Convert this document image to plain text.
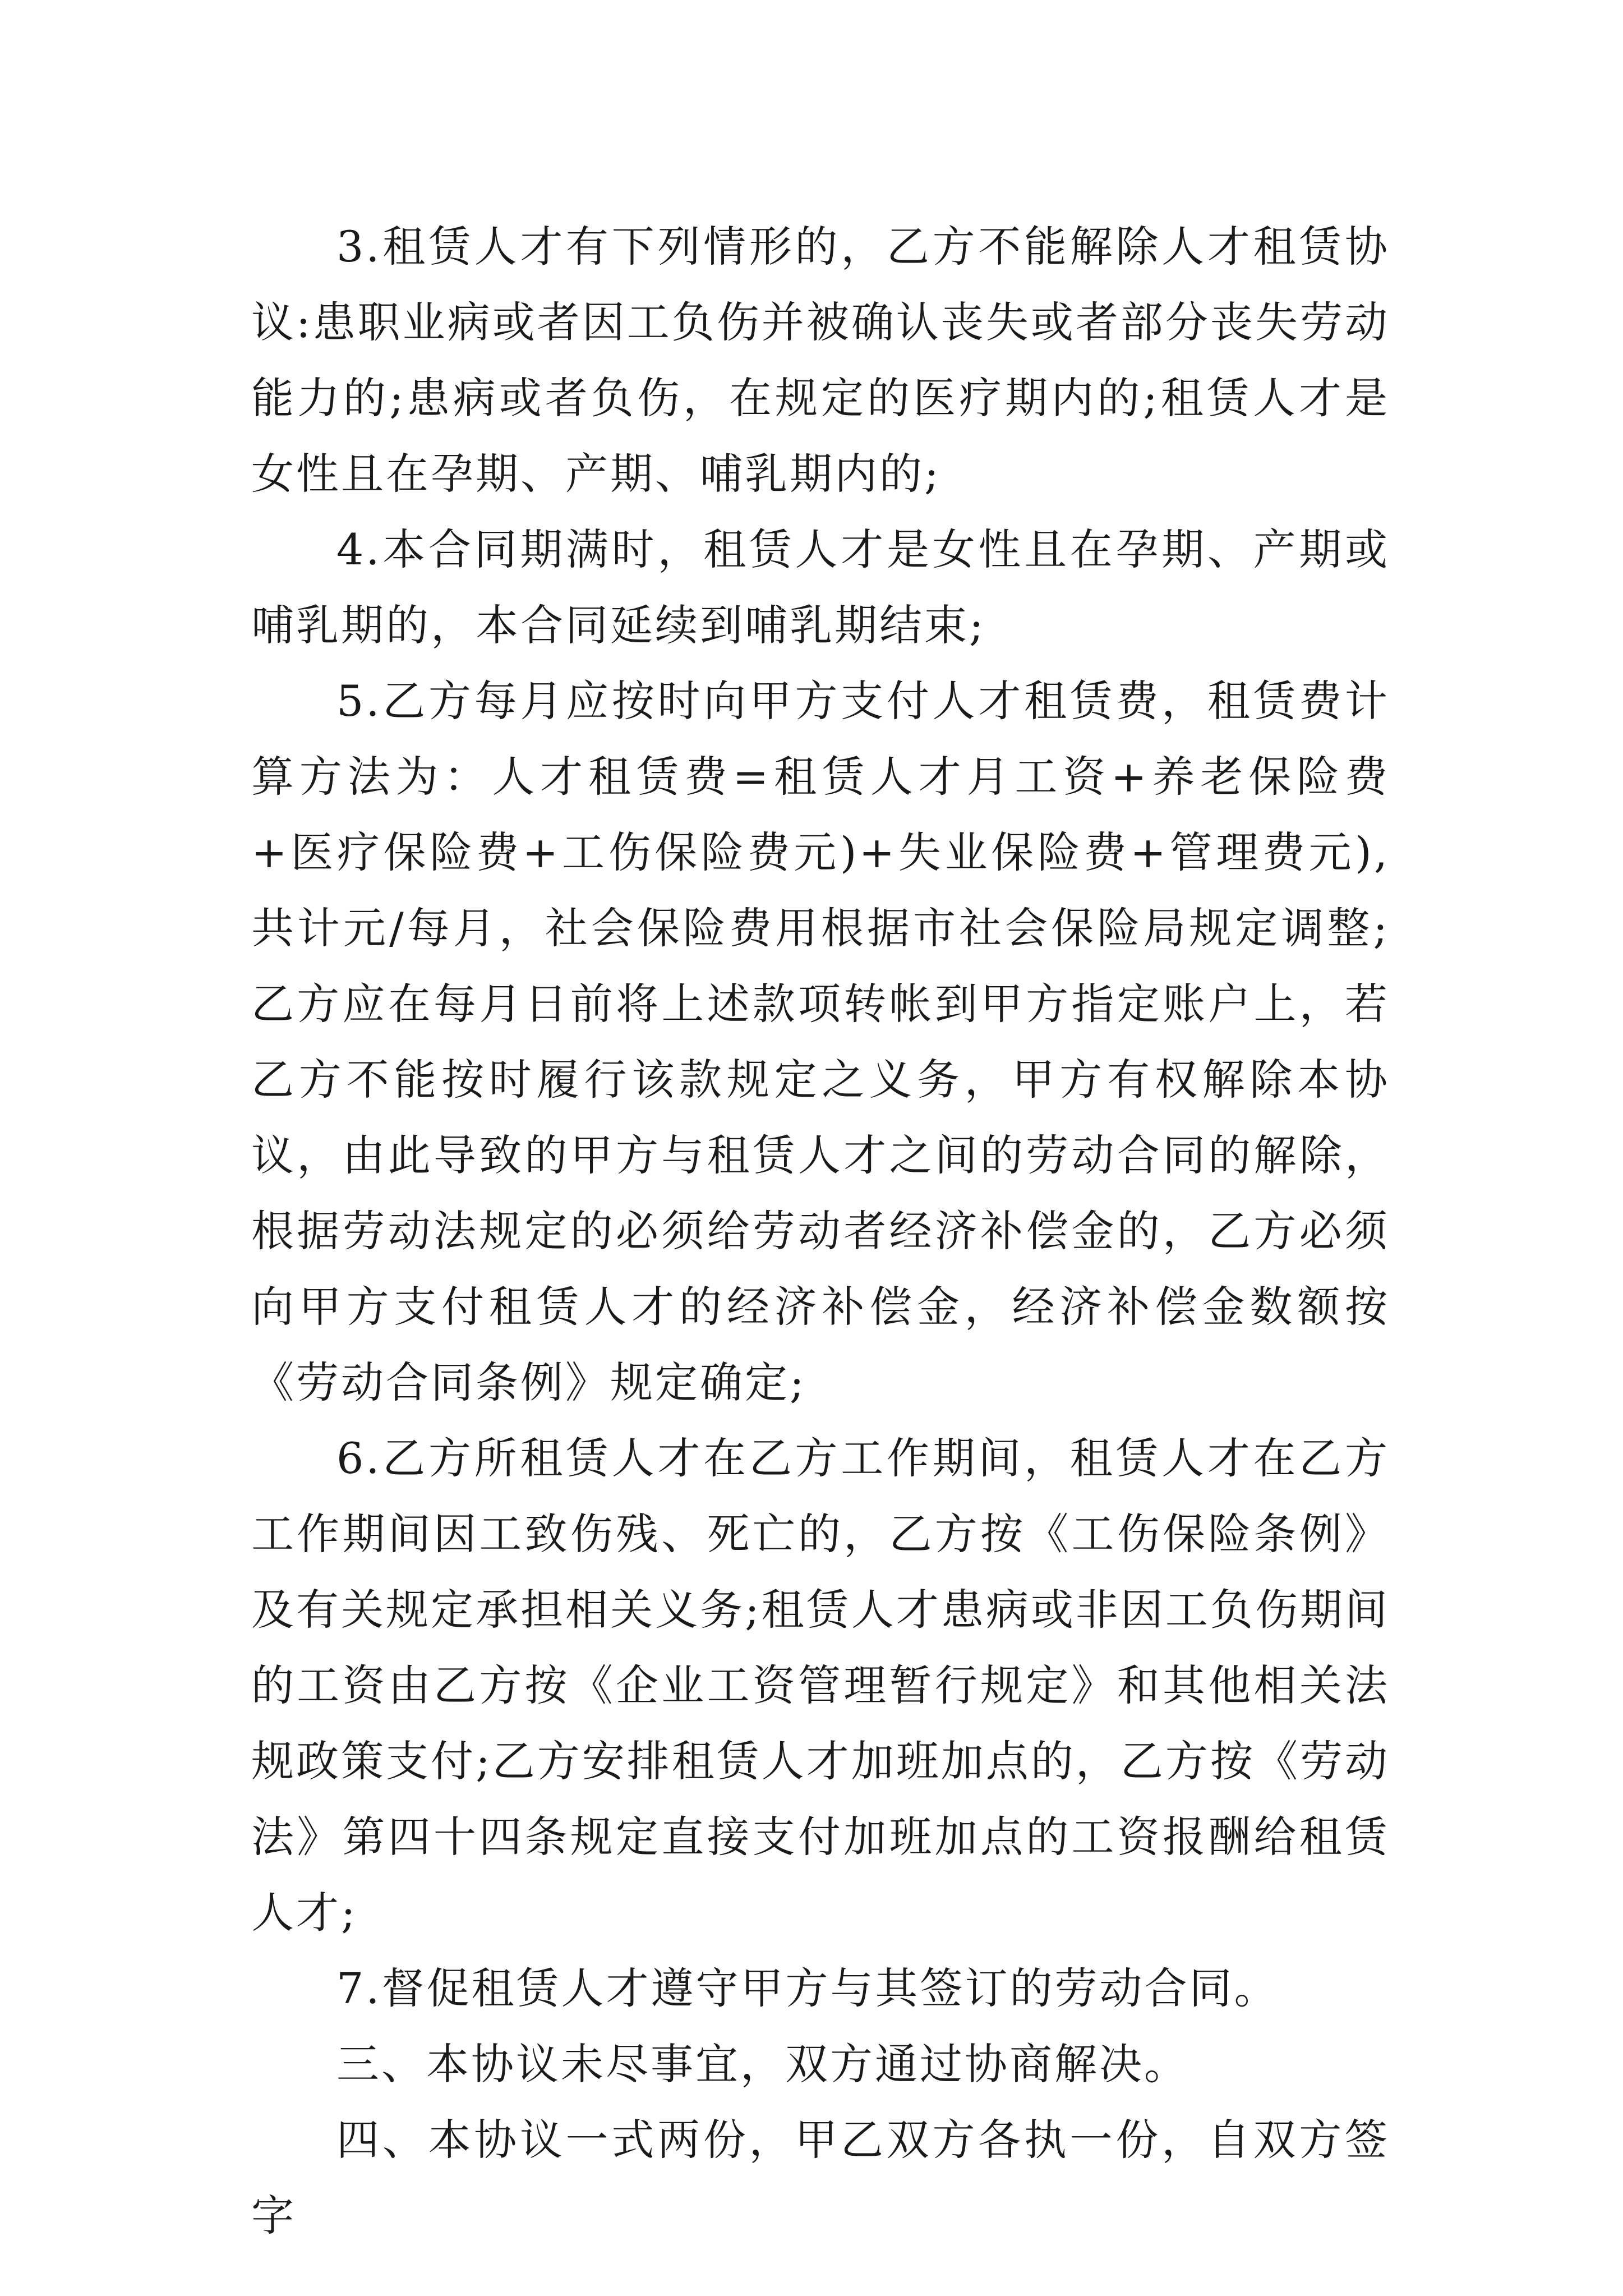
3.租赁人才有下列情形的，乙方不能解除人才租赁协议:患职业病或者因工负伤并被确认丧失或者部分丧失劳动能力的;患病或者负伤，在规定的医疗期内的;租赁人才是女性且在孕期、产期、哺乳期内的;

4.本合同期满时，租赁人才是女性且在孕期、产期或哺乳期的，本合同延续到哺乳期结束;

5.乙方每月应按时向甲方支付人才租赁费，租赁费计算方法为：人才租赁费=租赁人才月工资+养老保险费+医疗保险费+工伤保险费元)+失业保险费+管理费元),共计元/每月，社会保险费用根据市社会保险局规定调整;乙方应在每月日前将上述款项转帐到甲方指定账户上，若乙方不能按时履行该款规定之义务，甲方有权解除本协议，由此导致的甲方与租赁人才之间的劳动合同的解除，根据劳动法规定的必须给劳动者经济补偿金的，乙方必须向甲方支付租赁人才的经济补偿金，经济补偿金数额按《劳动合同条例》规定确定;

6.乙方所租赁人才在乙方工作期间，租赁人才在乙方工作期间因工致伤残、死亡的，乙方按《工伤保险条例》及有关规定承担相关义务;租赁人才患病或非因工负伤期间的工资由乙方按《企业工资管理暂行规定》和其他相关法规政策支付;乙方安排租赁人才加班加点的，乙方按《劳动法》第四十四条规定直接支付加班加点的工资报酬给租赁人才;

7.督促租赁人才遵守甲方与其签订的劳动合同。

三、本协议未尽事宜，双方通过协商解决。

四、本协议一式两份，甲乙双方各执一份，自双方签字
